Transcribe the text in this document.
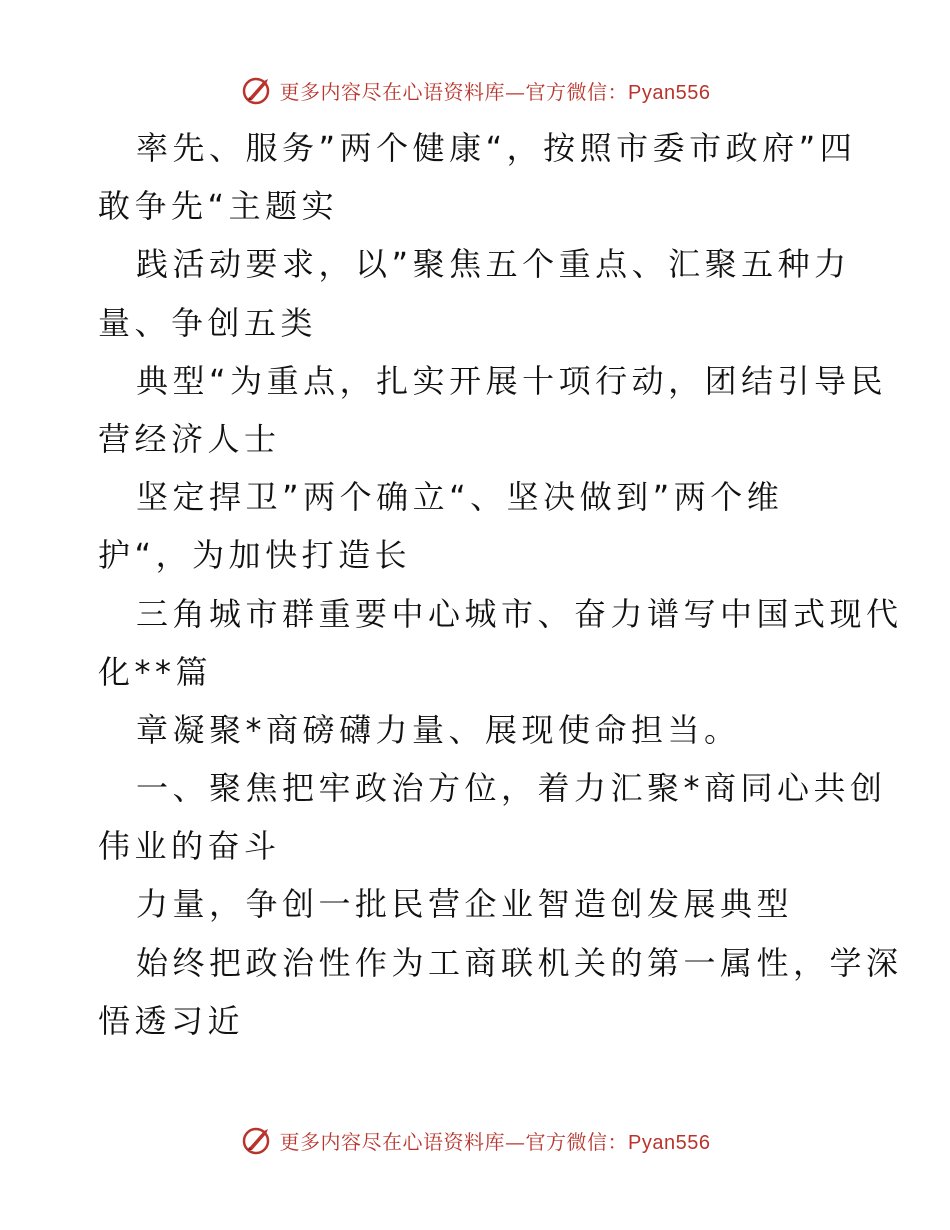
更多内容尽在心语资料库—官方微信：Pyan556
率先、服务”两个健康“，按照市委市政府”四
敢争先“主题实
践活动要求，以”聚焦五个重点、汇聚五种力
量、争创五类
典型“为重点，扎实开展十项行动，团结引导民
营经济人士
坚定捍卫”两个确立“、坚决做到”两个维
护“，为加快打造长
三角城市群重要中心城市、奋力谱写中国式现代
化**篇
章凝聚*商磅礴力量、展现使命担当。
一、聚焦把牢政治方位，着力汇聚*商同心共创
伟业的奋斗
力量，争创一批民营企业智造创发展典型
始终把政治性作为工商联机关的第一属性，学深
悟透习近
更多内容尽在心语资料库—官方微信：Pyan556
